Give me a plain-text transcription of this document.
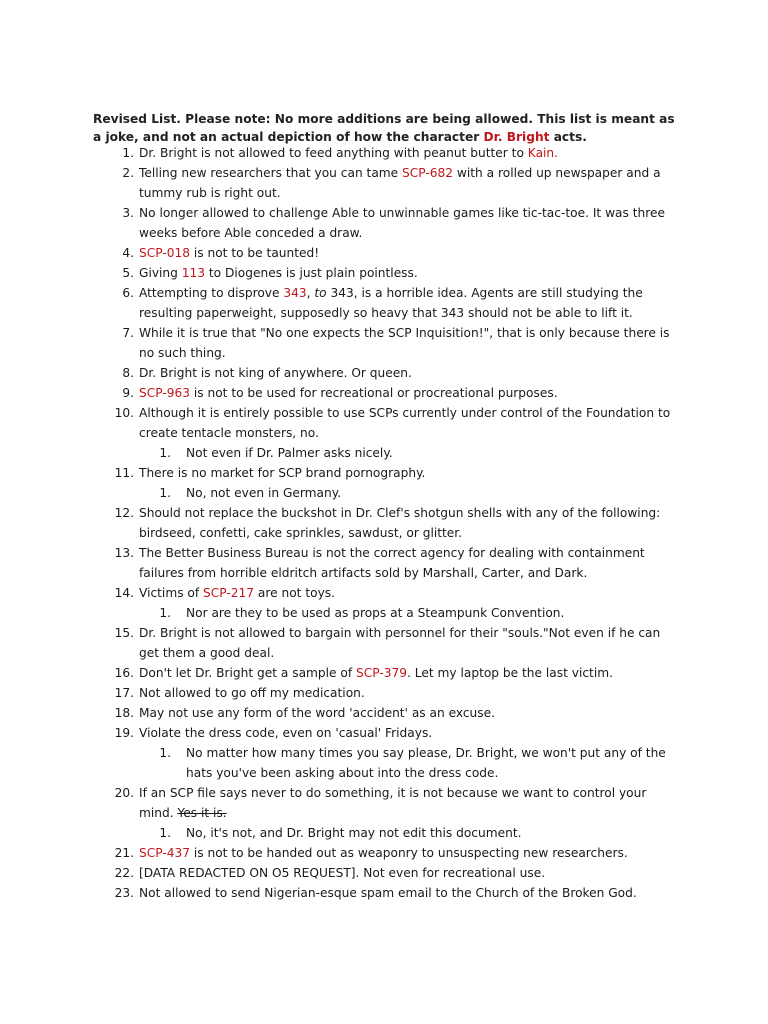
Revised List. Please note: No more additions are being allowed. This list is meant as a joke, and not an actual depiction of how the character Dr. Bright acts.

1. Dr. Bright is not allowed to feed anything with peanut butter to Kain.
2. Telling new researchers that you can tame SCP-682 with a rolled up newspaper and a tummy rub is right out.
3. No longer allowed to challenge Able to unwinnable games like tic-tac-toe. It was three weeks before Able conceded a draw.
4. SCP-018 is not to be taunted!
5. Giving 113 to Diogenes is just plain pointless.
6. Attempting to disprove 343, to 343, is a horrible idea. Agents are still studying the resulting paperweight, supposedly so heavy that 343 should not be able to lift it.
7. While it is true that "No one expects the SCP Inquisition!", that is only because there is no such thing.
8. Dr. Bright is not king of anywhere. Or queen.
9. SCP-963 is not to be used for recreational or procreational purposes.
10. Although it is entirely possible to use SCPs currently under control of the Foundation to create tentacle monsters, no.
1. Not even if Dr. Palmer asks nicely.
11. There is no market for SCP brand pornography.
1. No, not even in Germany.
12. Should not replace the buckshot in Dr. Clef's shotgun shells with any of the following: birdseed, confetti, cake sprinkles, sawdust, or glitter.
13. The Better Business Bureau is not the correct agency for dealing with containment failures from horrible eldritch artifacts sold by Marshall, Carter, and Dark.
14. Victims of SCP-217 are not toys.
1. Nor are they to be used as props at a Steampunk Convention.
15. Dr. Bright is not allowed to bargain with personnel for their "souls."Not even if he can get them a good deal.
16. Don't let Dr. Bright get a sample of SCP-379. Let my laptop be the last victim.
17. Not allowed to go off my medication.
18. May not use any form of the word 'accident' as an excuse.
19. Violate the dress code, even on 'casual' Fridays.
1. No matter how many times you say please, Dr. Bright, we won't put any of the hats you've been asking about into the dress code.
20. If an SCP file says never to do something, it is not because we want to control your mind. Yes it is.
1. No, it's not, and Dr. Bright may not edit this document.
21. SCP-437 is not to be handed out as weaponry to unsuspecting new researchers.
22. [DATA REDACTED ON O5 REQUEST]. Not even for recreational use.
23. Not allowed to send Nigerian-esque spam email to the Church of the Broken God.
